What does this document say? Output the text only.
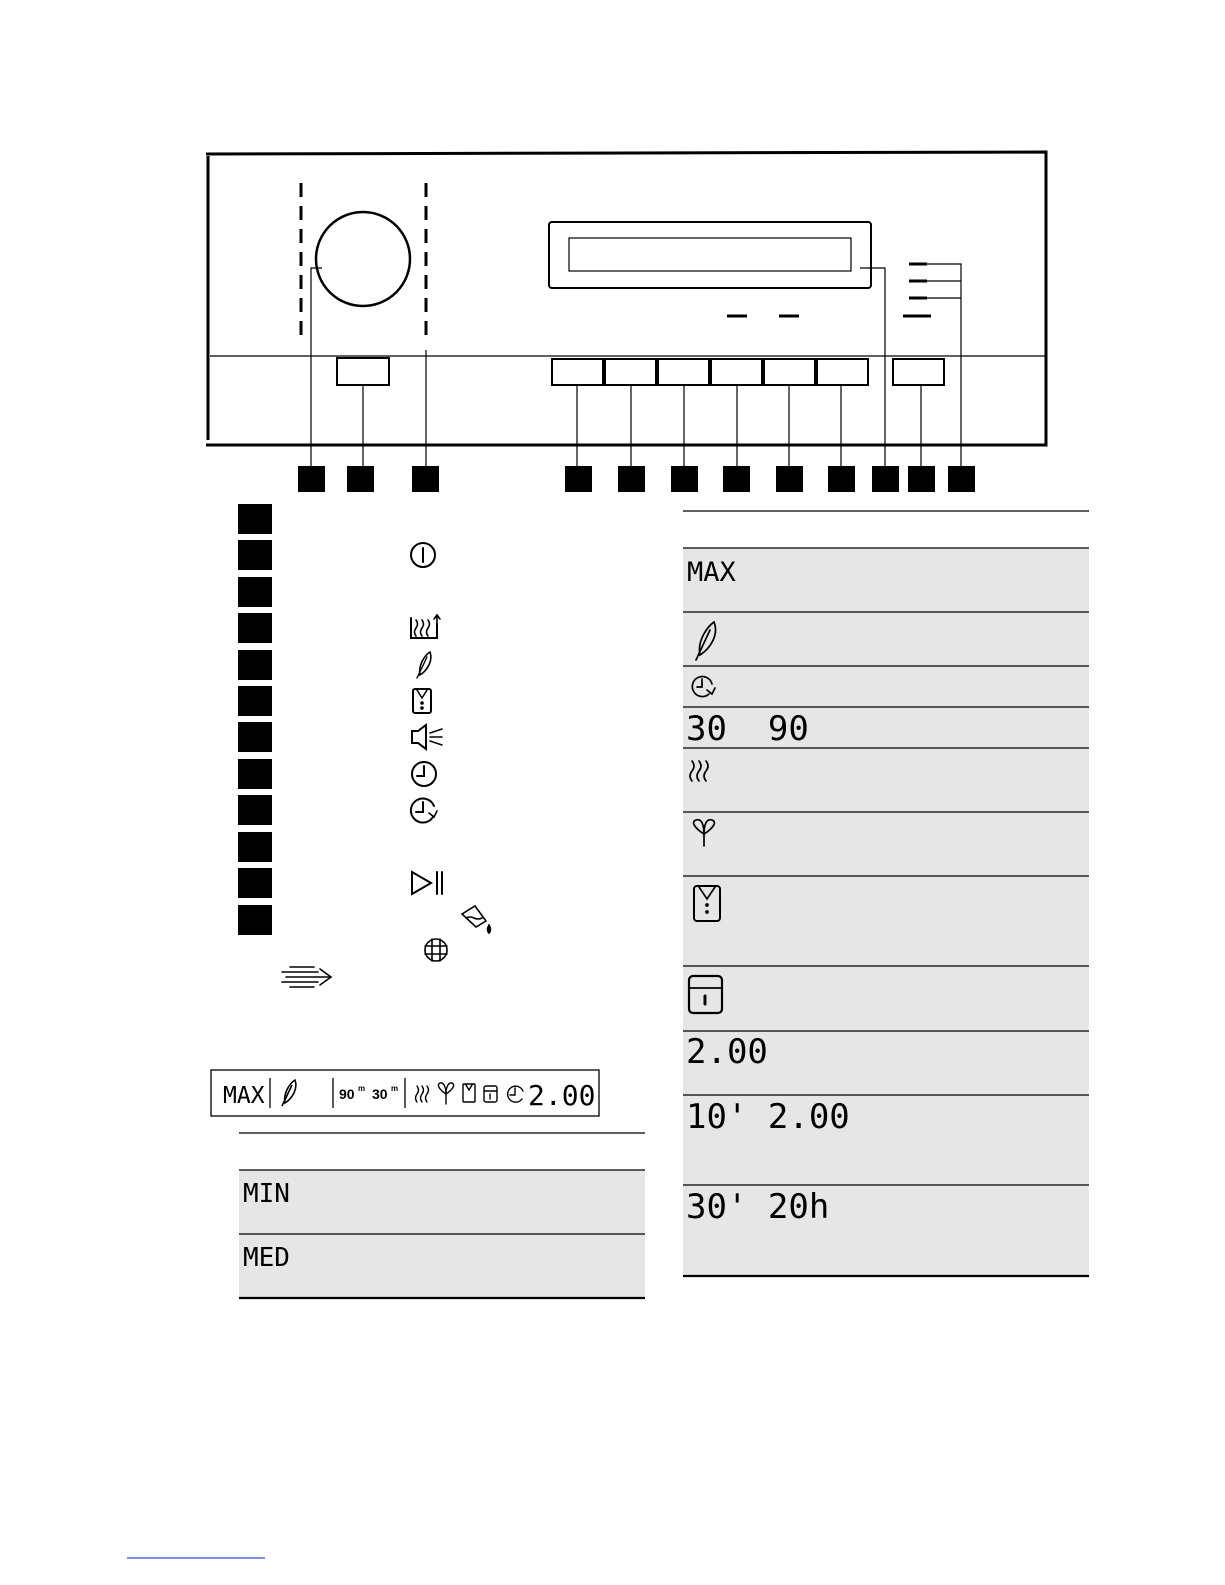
MAX	90 m 30 m	2.00
MIN
MED
MAX
30  90
2.00
10' 2.00
30' 20h
